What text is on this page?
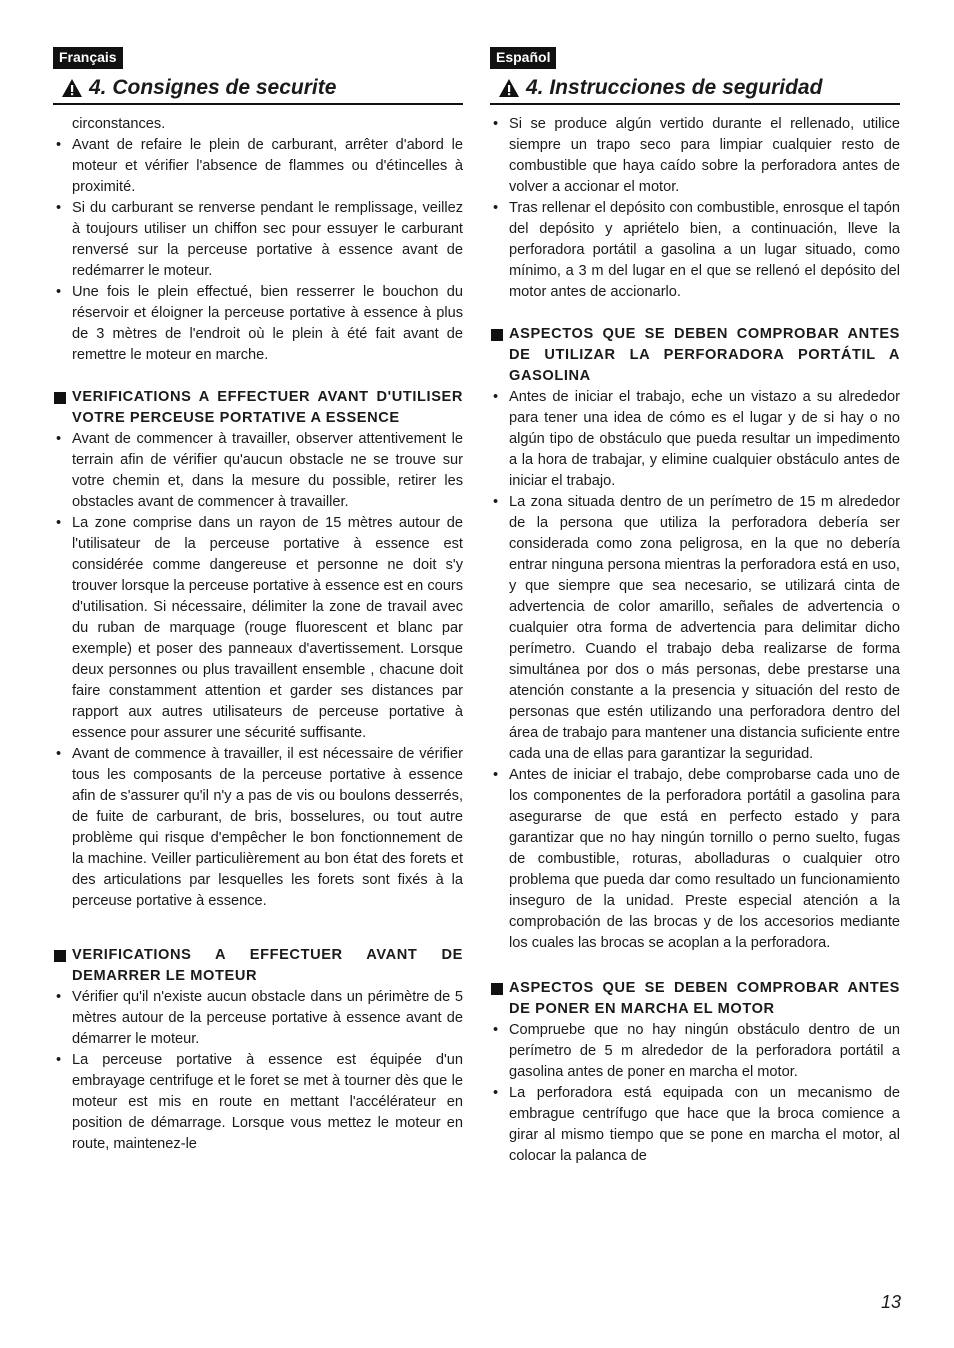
Français
4. Consignes de securite
circonstances.
• Avant de refaire le plein de carburant, arrêter d'abord le moteur et vérifier l'absence de flammes ou d'étincelles à proximité.
• Si du carburant se renverse pendant le remplissage, veillez à toujours utiliser un chiffon sec pour essuyer le carburant renversé sur la perceuse portative à essence avant de redémarrer le moteur.
• Une fois le plein effectué, bien resserrer le bouchon du réservoir et éloigner la perceuse portative à essence à plus de 3 mètres de l'endroit où le plein à été fait avant de remettre le moteur en marche.
VERIFICATIONS A EFFECTUER AVANT D'UTILISER VOTRE PERCEUSE PORTATIVE A ESSENCE
• Avant de commencer à travailler, observer attentivement le terrain afin de vérifier qu'aucun obstacle ne se trouve sur votre chemin et, dans la mesure du possible, retirer les obstacles avant de commencer à travailler.
• La zone comprise dans un rayon de 15 mètres autour de l'utilisateur de la perceuse portative à essence est considérée comme dangereuse et personne ne doit s'y trouver lorsque la perceuse portative à essence est en cours d'utilisation. Si nécessaire, délimiter la zone de travail avec du ruban de marquage (rouge fluorescent et blanc par exemple) et poser des panneaux d'avertissement. Lorsque deux personnes ou plus travaillent ensemble , chacune doit faire constamment attention et garder ses distances par rapport aux autres utilisateurs de perceuse portative à essence pour assurer une sécurité suffisante.
• Avant de commence à travailler, il est nécessaire de vérifier tous les composants de la perceuse portative à essence afin de s'assurer qu'il n'y a pas de vis ou boulons desserrés, de fuite de carburant, de bris, bosselures, ou tout autre problème qui risque d'empêcher le bon fonctionnement de la machine. Veiller particulièrement au bon état des forets et des articulations par lesquelles les forets sont fixés à la perceuse portative à essence.
VERIFICATIONS A EFFECTUER AVANT DE DEMARRER LE MOTEUR
• Vérifier qu'il n'existe aucun obstacle dans un périmètre de 5 mètres autour de la perceuse portative à essence avant de démarrer le moteur.
• La perceuse portative à essence est équipée d'un embrayage centrifuge et le foret se met à tourner dès que le moteur est mis en route en mettant l'accélérateur en position de démarrage. Lorsque vous mettez le moteur en route, maintenez-le
Español
4. Instrucciones de seguridad
• Si se produce algún vertido durante el rellenado, utilice siempre un trapo seco para limpiar cualquier resto de combustible que haya caído sobre la perforadora antes de volver a accionar el motor.
• Tras rellenar el depósito con combustible, enrosque el tapón del depósito y apriételo bien, a continuación, lleve la perforadora portátil a gasolina a un lugar situado, como mínimo, a 3 m del lugar en el que se rellenó el depósito del motor antes de accionarlo.
ASPECTOS QUE SE DEBEN COMPROBAR ANTES DE UTILIZAR LA PERFORADORA PORTÁTIL A GASOLINA
• Antes de iniciar el trabajo, eche un vistazo a su alrededor para tener una idea de cómo es el lugar y de si hay o no algún tipo de obstáculo que pueda resultar un impedimento a la hora de trabajar, y elimine cualquier obstáculo antes de iniciar el trabajo.
• La zona situada dentro de un perímetro de 15 m alrededor de la persona que utiliza la perforadora debería ser considerada como zona peligrosa, en la que no debería entrar ninguna persona mientras la perforadora está en uso, y que siempre que sea necesario, se utilizará cinta de advertencia de color amarillo, señales de advertencia o cualquier otra forma de advertencia para delimitar dicho perímetro. Cuando el trabajo deba realizarse de forma simultánea por dos o más personas, debe prestarse una atención constante a la presencia y situación del resto de personas que estén utilizando una perforadora dentro del área de trabajo para mantener una distancia suficiente entre cada una de ellas para garantizar la seguridad.
• Antes de iniciar el trabajo, debe comprobarse cada uno de los componentes de la perforadora portátil a gasolina para asegurarse de que está en perfecto estado y para garantizar que no hay ningún tornillo o perno suelto, fugas de combustible, roturas, abolladuras o cualquier otro problema que pueda dar como resultado un funcionamiento inseguro de la unidad. Preste especial atención a la comprobación de las brocas y de los accesorios mediante los cuales las brocas se acoplan a la perforadora.
ASPECTOS QUE SE DEBEN COMPROBAR ANTES DE PONER EN MARCHA EL MOTOR
• Compruebe que no hay ningún obstáculo dentro de un perímetro de 5 m alrededor de la perforadora portátil a gasolina antes de poner en marcha el motor.
• La perforadora está equipada con un mecanismo de embrague centrífugo que hace que la broca comience a girar al mismo tiempo que se pone en marcha el motor, al colocar la palanca de
13
